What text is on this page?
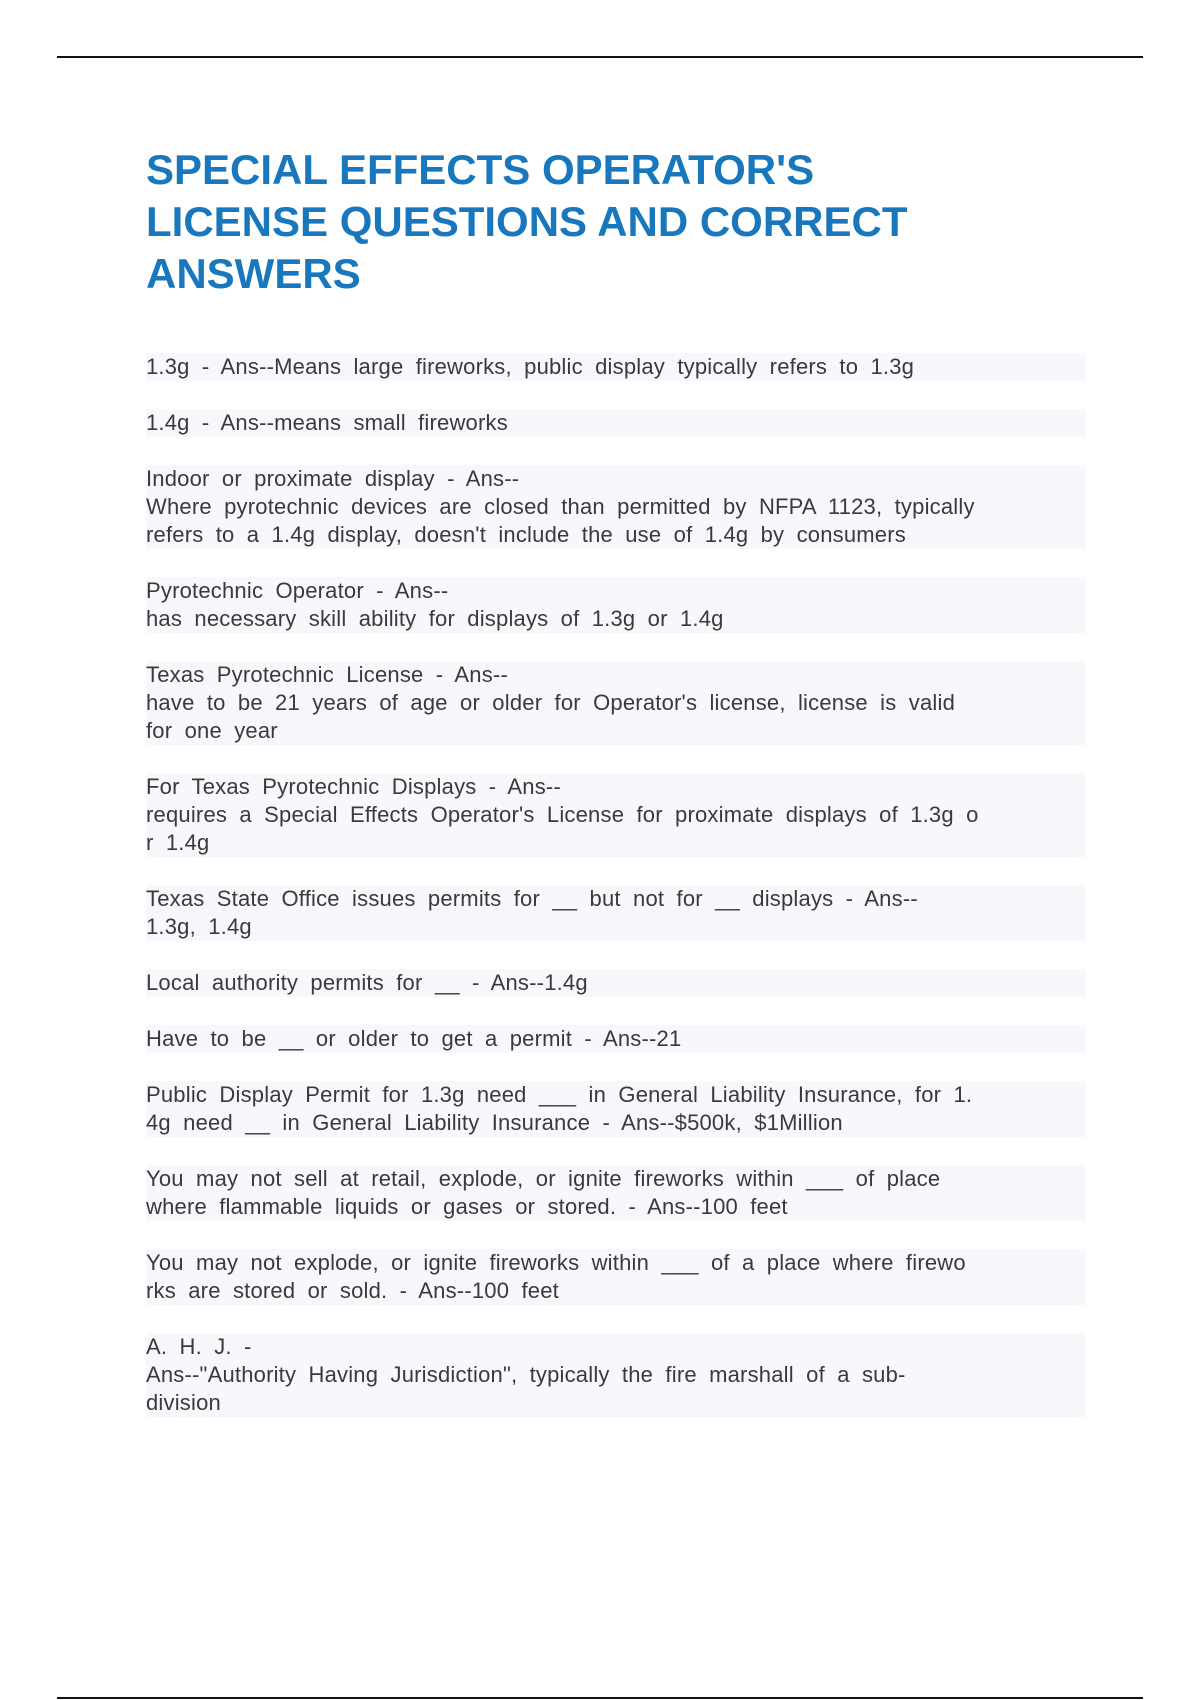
SPECIAL EFFECTS OPERATOR'S
LICENSE QUESTIONS AND CORRECT
ANSWERS
1.3g - Ans--Means large fireworks, public display typically refers to 1.3g
1.4g - Ans--means small fireworks
Indoor or proximate display - Ans--
Where pyrotechnic devices are closed than permitted by NFPA 1123, typically
refers to a 1.4g display, doesn't include the use of 1.4g by consumers
Pyrotechnic Operator - Ans--
has necessary skill ability for displays of 1.3g or 1.4g
Texas Pyrotechnic License - Ans--
have to be 21 years of age or older for Operator's license, license is valid
for one year
For Texas Pyrotechnic Displays - Ans--
requires a Special Effects Operator's License for proximate displays of 1.3g o
r 1.4g
Texas State Office issues permits for __ but not for __ displays - Ans--
1.3g, 1.4g
Local authority permits for __ - Ans--1.4g
Have to be __ or older to get a permit - Ans--21
Public Display Permit for 1.3g need ___ in General Liability Insurance, for 1.
4g need __ in General Liability Insurance - Ans--$500k, $1Million
You may not sell at retail, explode, or ignite fireworks within ___ of place
where flammable liquids or gases or stored. - Ans--100 feet
You may not explode, or ignite fireworks within ___ of a place where firewo
rks are stored or sold. - Ans--100 feet
A. H. J. -
Ans--"Authority Having Jurisdiction", typically the fire marshall of a sub-
division
